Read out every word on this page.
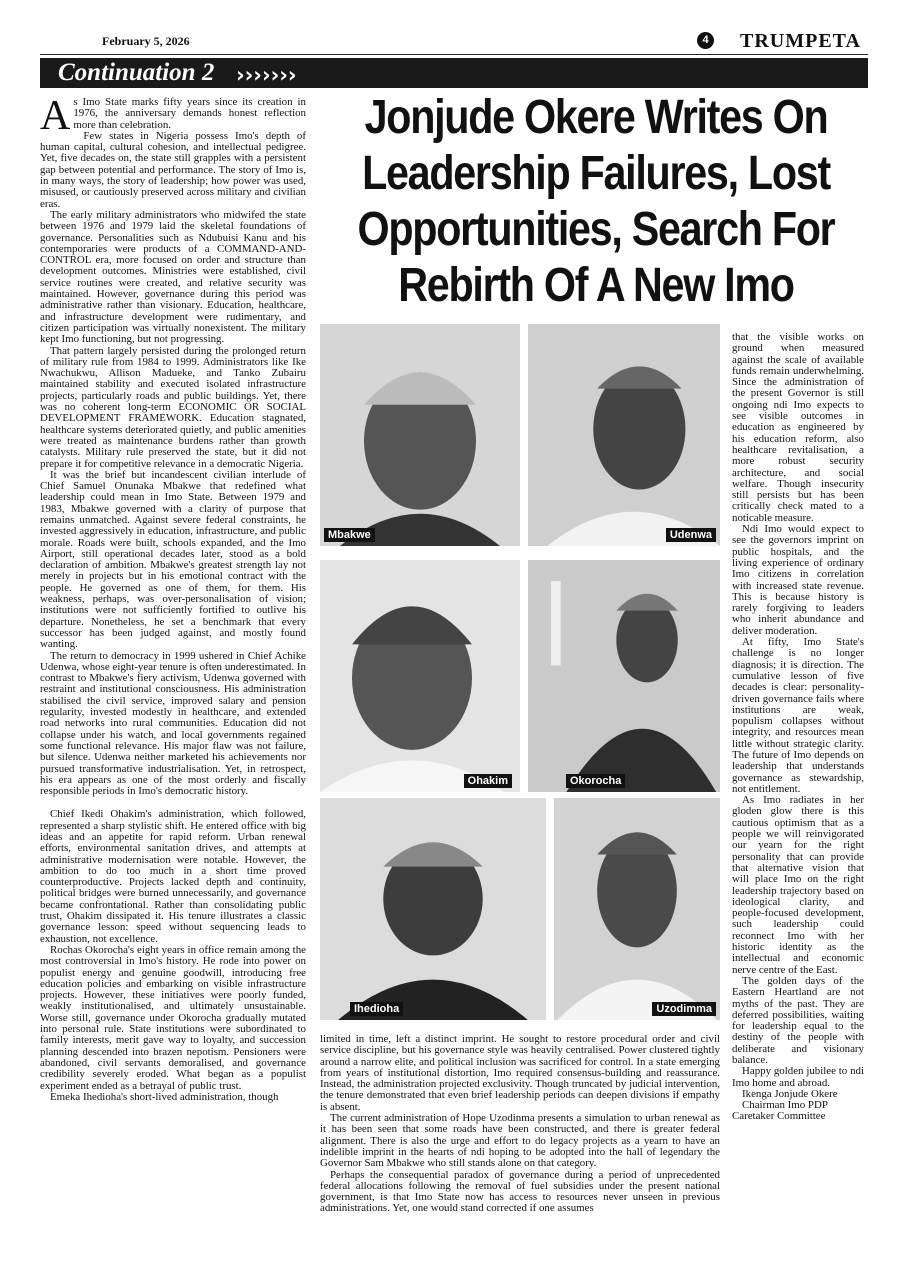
February 5, 2026	4 TRUMPETA
Continuation 2 ›››››››

As Imo State marks fifty years since its creation in 1976, the anniversary demands honest reflection more than celebration.

Few states in Nigeria possess Imo's depth of human capital, cultural cohesion, and intellectual pedigree. Yet, five decades on, the state still grapples with a persistent gap between potential and performance. The story of Imo is, in many ways, the story of leadership; how power was used, misused, or cautiously preserved across military and civilian eras.

The early military administrators who midwifed the state between 1976 and 1979 laid the skeletal foundations of governance. Personalities such as Ndubuisi Kanu and his contemporaries were products of a COMMAND-AND-CONTROL era, more focused on order and structure than development outcomes. Ministries were established, civil service routines were created, and relative security was maintained. However, governance during this period was administrative rather than visionary. Education, healthcare, and infrastructure development were rudimentary, and citizen participation was virtually nonexistent. The military kept Imo functioning, but not progressing.

That pattern largely persisted during the prolonged return of military rule from 1984 to 1999. Administrators like Ike Nwachukwu, Allison Madueke, and Tanko Zubairu maintained stability and executed isolated infrastructure projects, particularly roads and public buildings. Yet, there was no coherent long-term ECONOMIC OR SOCIAL DEVELOPMENT FRAMEWORK. Education stagnated, healthcare systems deteriorated quietly, and public amenities were treated as maintenance burdens rather than growth catalysts. Military rule preserved the state, but it did not prepare it for competitive relevance in a democratic Nigeria.

It was the brief but incandescent civilian interlude of Chief Samuel Onunaka Mbakwe that redefined what leadership could mean in Imo State. Between 1979 and 1983, Mbakwe governed with a clarity of purpose that remains unmatched. Against severe federal constraints, he invested aggressively in education, infrastructure, and public morale. Roads were built, schools expanded, and the Imo Airport, still operational decades later, stood as a bold declaration of ambition. Mbakwe's greatest strength lay not merely in projects but in his emotional contract with the people. He governed as one of them, for them. His weakness, perhaps, was over-personalisation of vision; institutions were not sufficiently fortified to outlive his departure. Nonetheless, he set a benchmark that every successor has been judged against, and mostly found wanting.

The return to democracy in 1999 ushered in Chief Achike Udenwa, whose eight-year tenure is often underestimated. In contrast to Mbakwe's fiery activism, Udenwa governed with restraint and institutional consciousness. His administration stabilised the civil service, improved salary and pension regularity, invested modestly in healthcare, and extended road networks into rural communities. Education did not collapse under his watch, and local governments regained some functional relevance. His major flaw was not failure, but silence. Udenwa neither marketed his achievements nor pursued transformative industrialisation. Yet, in retrospect, his era appears as one of the most orderly and fiscally responsible periods in Imo's democratic history.

Chief Ikedi Ohakim's administration, which followed, represented a sharp stylistic shift. He entered office with big ideas and an appetite for rapid reform. Urban renewal efforts, environmental sanitation drives, and attempts at administrative modernisation were notable. However, the ambition to do too much in a short time proved counterproductive. Projects lacked depth and continuity, political bridges were burned unnecessarily, and governance became confrontational. Rather than consolidating public trust, Ohakim dissipated it. His tenure illustrates a classic governance lesson: speed without sequencing leads to exhaustion, not excellence.

Rochas Okorocha's eight years in office remain among the most controversial in Imo's history. He rode into power on populist energy and genuine goodwill, introducing free education policies and embarking on visible infrastructure projects. However, these initiatives were poorly funded, weakly institutionalised, and ultimately unsustainable. Worse still, governance under Okorocha gradually mutated into personal rule. State institutions were subordinated to family interests, merit gave way to loyalty, and succession planning descended into brazen nepotism. Pensioners were abandoned, civil servants demoralised, and governance credibility severely eroded. What began as a populist experiment ended as a betrayal of public trust.

Emeka Ihedioha's short-lived administration, though

Jonjude Okere Writes On Leadership Failures, Lost Opportunities, Search For Rebirth Of A New Imo
Mbakwe	Udenwa
Ohakim	Okorocha
Ihedioha	Uzodimma

limited in time, left a distinct imprint. He sought to restore procedural order and civil service discipline, but his governance style was heavily centralised. Power clustered tightly around a narrow elite, and political inclusion was sacrificed for control. In a state emerging from years of institutional distortion, Imo required consensus-building and reassurance. Instead, the administration projected exclusivity. Though truncated by judicial intervention, the tenure demonstrated that even brief leadership periods can deepen divisions if empathy is absent.

The current administration of Hope Uzodinma presents a simulation to urban renewal as it has been seen that some roads have been constructed, and there is greater federal alignment. There is also the urge and effort to do legacy projects as a yearn to have an indelible imprint in the hearts of ndi hoping to be adopted into the hall of legendary the Governor Sam Mbakwe who still stands alone on that category.

Perhaps the consequential paradox of governance during a period of unprecedented federal allocations following the removal of fuel subsidies under the present national government, is that Imo State now has access to resources never unseen in previous administrations. Yet, one would stand corrected if one assumes

that the visible works on ground when measured against the scale of available funds remain underwhelming. Since the administration of the present Governor is still ongoing ndi Imo expects to see visible outcomes in education as engineered by his education reform, also healthcare revitalisation, a more robust security architecture, and social welfare. Though insecurity still persists but has been critically check mated to a noticable measure.

Ndi Imo would expect to see the governors imprint on public hospitals, and the living experience of ordinary Imo citizens in correlation with increased state revenue. This is because history is rarely forgiving to leaders who inherit abundance and deliver moderation.

At fifty, Imo State's challenge is no longer diagnosis; it is direction. The cumulative lesson of five decades is clear: personality-driven governance fails where institutions are weak, populism collapses without integrity, and resources mean little without strategic clarity. The future of Imo depends on leadership that understands governance as stewardship, not entitlement.

As Imo radiates in her gloden glow there is this cautious optimism that as a people we will reinvigorated our yearn for the right personality that can provide that alternative vision that will place Imo on the right leadership trajectory based on ideological clarity, and people-focused development, such leadership could reconnect Imo with her historic identity as the intellectual and economic nerve centre of the East.

The golden days of the Eastern Heartland are not myths of the past. They are deferred possibilities, waiting for leadership equal to the destiny of the people with deliberate and visionary balance.

Happy golden jubilee to ndi Imo home and abroad.

Ikenga Jonjude Okere

Chairman Imo PDP

Caretaker Committee
